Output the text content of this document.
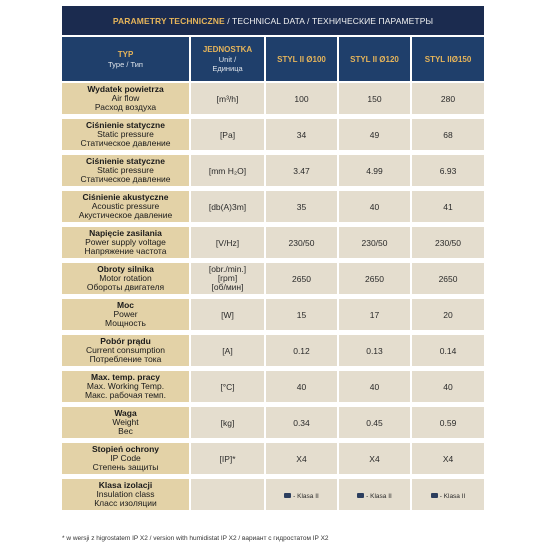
PARAMETRY TECHNICZNE / TECHNICAL DATA / ТЕХНИЧЕСКИЕ ПАРАМЕТРЫ				

TYP
Type / Тип	JEDNOSTKA
Unit /
Единица	STYL II Ø100	STYL II Ø120	STYL IIØ150

Wydatek powietrza
Air flow
Расход воздуха	[m³/h]	100	150	280

Ciśnienie statyczne
Static pressure
Статическое давление	[Pa]	34	49	68

Ciśnienie statyczne
Static pressure
Статическое давление	[mm H₂O]	3.47	4.99	6.93

Ciśnienie akustyczne
Acoustic pressure
Акустическое давление	[db(A)3m]	35	40	41

Napięcie zasilania
Power supply voltage
Напряжение частота	[V/Hz]	230/50	230/50	230/50

Obroty silnika
Motor rotation
Обороты двигателя	[obr./min.]
[rpm]
[об/мин]	2650	2650	2650

Moc
Power
Мощность	[W]	15	17	20

Pobór prądu
Current consumption
Потребление тока	[A]	0.12	0.13	0.14

Max. temp. pracy
Max. Working Temp.
Макс. рабочая темп.	[°C]	40	40	40

Waga
Weight
Вес	[kg]	0.34	0.45	0.59

Stopień ochrony
IP Code
Степень защиты	[IP]*	X4	X4	X4

Klasa izolacji
Insulation class
Класс изоляции		- Klasa II	- Klasa II	- Klasa II
* w wersji z higrostatem IP X2 / version with humidistat IP X2 / вариант с гидростатом IP X2
